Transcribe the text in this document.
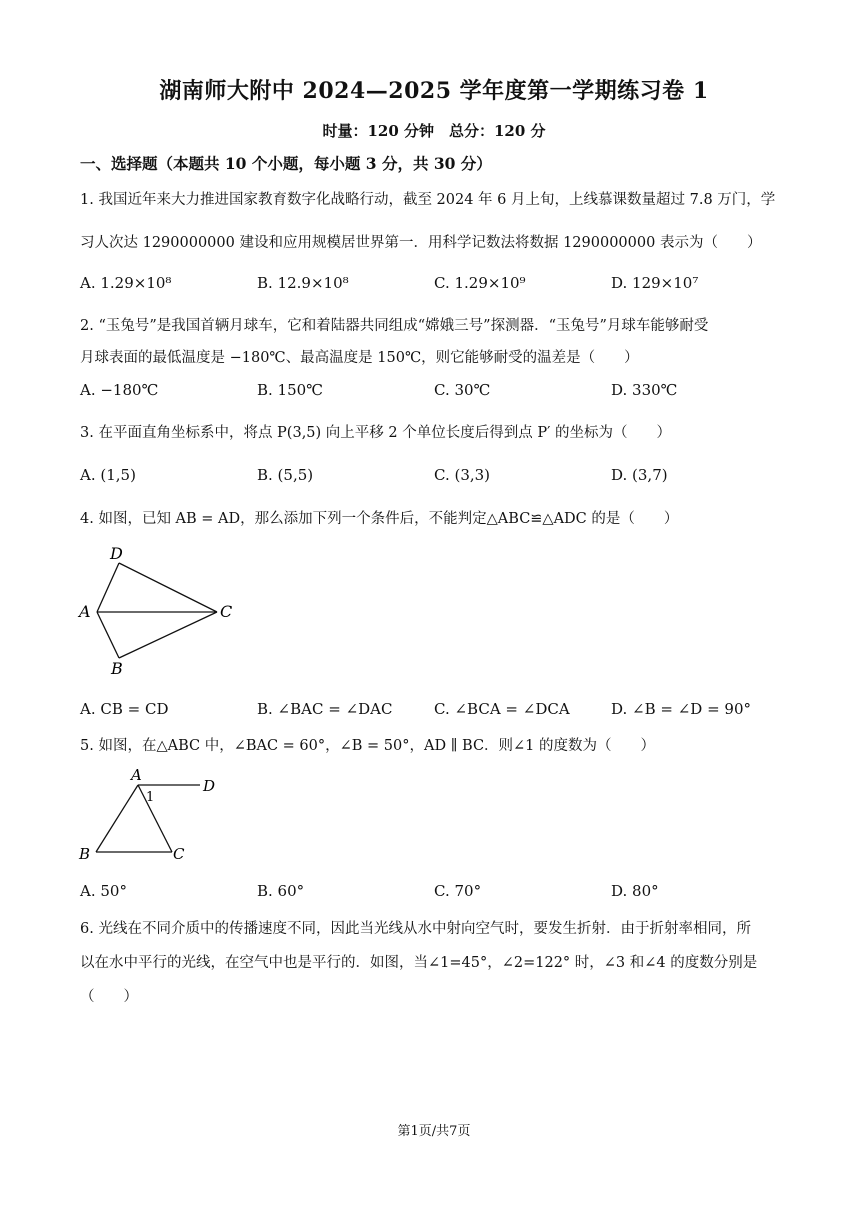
湖南师大附中 2024—2025 学年度第一学期练习卷 1
时量：120 分钟　总分：120 分
一、选择题（本题共 10 个小题，每小题 3 分，共 30 分）
1. 我国近年来大力推进国家教育数字化战略行动，截至 2024 年 6 月上旬，上线慕课数量超过 7.8 万门，学
习人次达 1290000000 建设和应用规模居世界第一．用科学记数法将数据 1290000000 表示为（　　）
A. 1.29×10⁸	B. 12.9×10⁸	C. 1.29×10⁹	D. 129×10⁷
2. “玉兔号”是我国首辆月球车，它和着陆器共同组成“嫦娥三号”探测器．“玉兔号”月球车能够耐受
月球表面的最低温度是 −180℃、最高温度是 150℃，则它能够耐受的温差是（　　）
A. −180℃	B. 150℃	C. 30℃	D. 330℃
3. 在平面直角坐标系中，将点 P(3,5) 向上平移 2 个单位长度后得到点 P′ 的坐标为（　　）
A. (1,5)	B. (5,5)	C. (3,3)	D. (3,7)
4. 如图，已知 AB = AD，那么添加下列一个条件后，不能判定△ABC≌△ADC 的是（　　）
D
A	C
B
A. CB = CD	B. ∠BAC = ∠DAC	C. ∠BCA = ∠DCA	D. ∠B = ∠D = 90°
5. 如图，在△ABC 中，∠BAC = 60°，∠B = 50°，AD ∥ BC．则∠1 的度数为（　　）
A
D
1
B	C
A. 50°	B. 60°	C. 70°	D. 80°
6. 光线在不同介质中的传播速度不同，因此当光线从水中射向空气时，要发生折射．由于折射率相同，所
以在水中平行的光线，在空气中也是平行的．如图，当∠1=45°，∠2=122° 时，∠3 和∠4 的度数分别是
（　　）
第1页/共7页
